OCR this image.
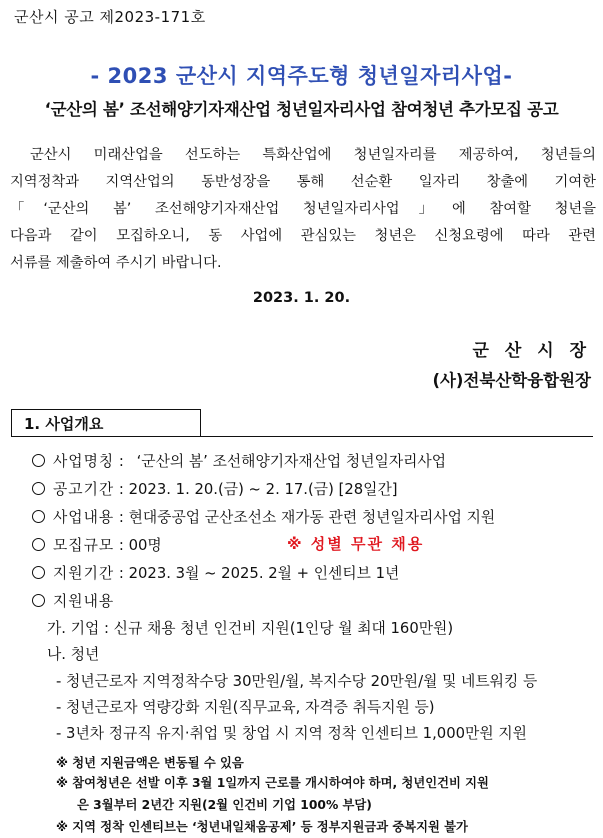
군산시 공고 제2023-171호
- 2023 군산시 지역주도형 청년일자리사업-
‘군산의 봄’ 조선해양기자재산업 청년일자리사업 참여청년 추가모집 공고

군산시 미래산업을 선도하는 특화산업에 청년일자리를 제공하여, 청년들의

지역정착과 지역산업의 동반성장을 통해 선순환 일자리 창출에 기여한

「‘군산의 봄’ 조선해양기자재산업 청년일자리사업」에 참여할 청년을

다음과 같이 모집하오니, 동 사업에 관심있는 청년은 신청요령에 따라 관련

서류를 제출하여 주시기 바랍니다.

2023. 1. 20.
군 산 시 장
(사)전북산학융합원장
1. 사업개요
사업명칭 : ‘군산의 봄’ 조선해양기자재산업 청년일자리사업
공고기간 : 2023. 1. 20.(금) ~ 2. 17.(금) [28일간]
사업내용 : 현대중공업 군산조선소 재가동 관련 청년일자리사업 지원
모집규모 : 00명	※ 성별 무관 채용
지원기간 : 2023. 3월 ~ 2025. 2월 + 인센티브 1년
지원내용
가. 기업 : 신규 채용 청년 인건비 지원(1인당 월 최대 160만원)
나. 청년
- 청년근로자 지역정착수당 30만원/월, 복지수당 20만원/월 및 네트워킹 등
- 청년근로자 역량강화 지원(직무교육, 자격증 취득지원 등)
- 3년차 정규직 유지·취업 및 창업 시 지역 정착 인센티브 1,000만원 지원
※ 청년 지원금액은 변동될 수 있음
※ 참여청년은 선발 이후 3월 1일까지 근로를 개시하여야 하며, 청년인건비 지원
은 3월부터 2년간 지원(2월 인건비 기업 100% 부담)
※ 지역 정착 인센티브는 ‘청년내일채움공제’ 등 정부지원금과 중복지원 불가
